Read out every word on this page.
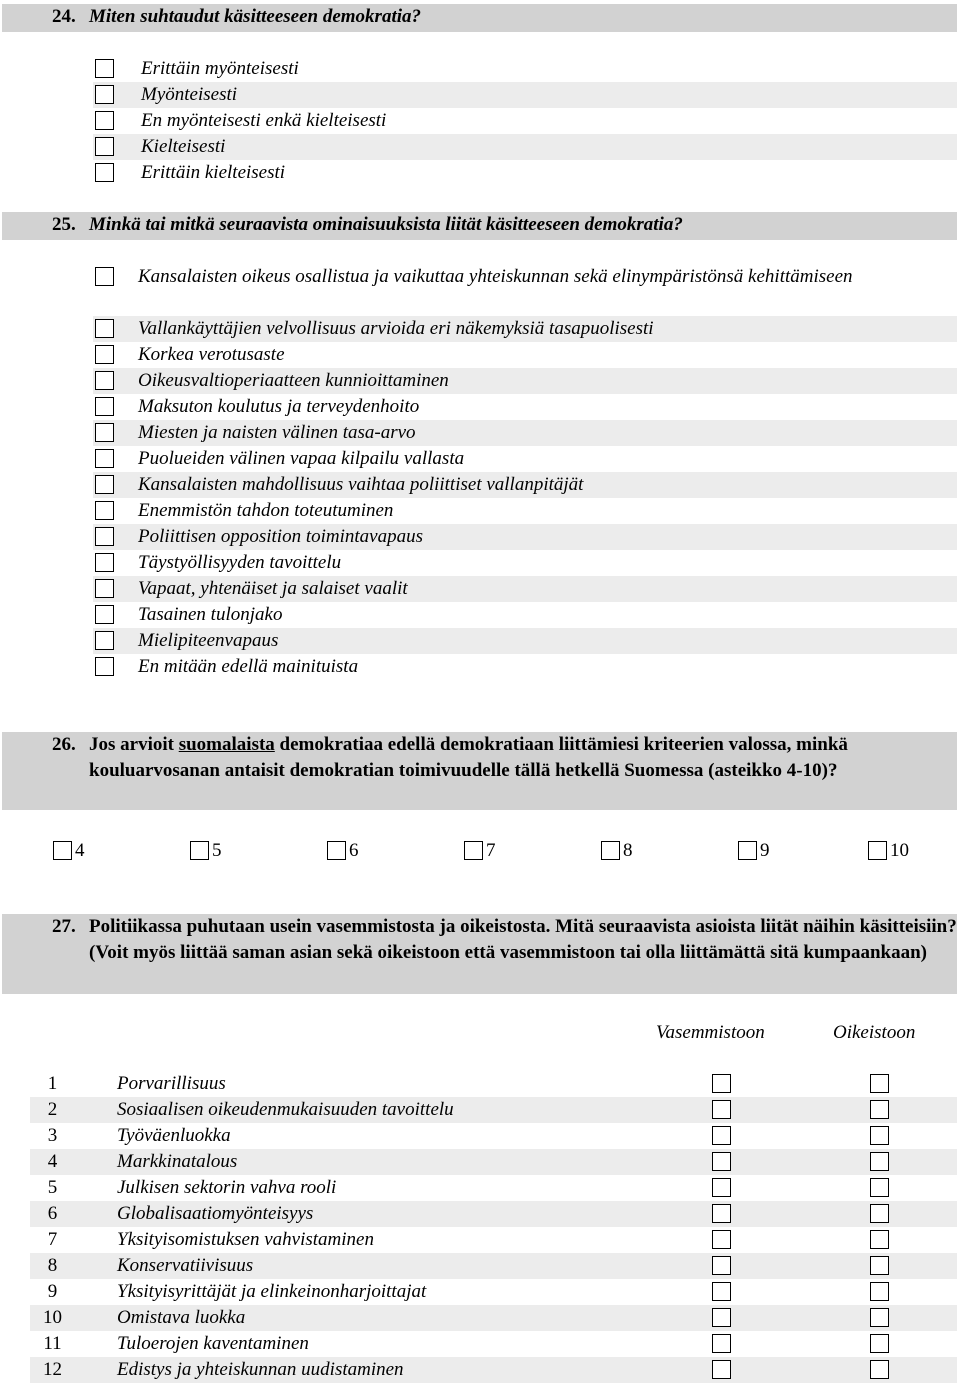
24. Miten suhtaudut käsitteeseen demokratia?
Erittäin myönteisesti
Myönteisesti
En myönteisesti enkä kielteisesti
Kielteisesti
Erittäin kielteisesti
25. Minkä tai mitkä seuraavista ominaisuuksista liität käsitteeseen demokratia?
Kansalaisten oikeus osallistua ja vaikuttaa yhteiskunnan sekä elinympäristönsä kehittämiseen
Vallankäyttäjien velvollisuus arvioida eri näkemyksiä tasapuolisesti
Korkea verotusaste
Oikeusvaltioperiaatteen kunnioittaminen
Maksuton koulutus ja terveydenhoito
Miesten ja naisten välinen tasa-arvo
Puolueiden välinen vapaa kilpailu vallasta
Kansalaisten mahdollisuus vaihtaa poliittiset vallanpitäjät
Enemmistön tahdon toteutuminen
Poliittisen opposition toimintavapaus
Täystyöllisyyden tavoittelu
Vapaat, yhtenäiset ja salaiset vaalit
Tasainen tulonjako
Mielipiteenvapaus
En mitään edellä mainituista
26. Jos arvioit suomalaista demokratiaa edellä demokratiaan liittämiesi kriteerien valossa, minkä kouluarvosanan antaisit demokratian toimivuudelle tällä hetkellä Suomessa (asteikko 4-10)?
4	5	6	7	8	9	10
27. Politiikassa puhutaan usein vasemmistosta ja oikeistosta. Mitä seuraavista asioista liität näihin käsitteisiin? (Voit myös liittää saman asian sekä oikeistoon että vasemmistoon tai olla liittämättä sitä kumpaankaan)
Vasemmistoon	Oikeistoon
1	Porvarillisuus
2	Sosiaalisen oikeudenmukaisuuden tavoittelu
3	Työväenluokka
4	Markkinatalous
5	Julkisen sektorin vahva rooli
6	Globalisaatiomyönteisyys
7	Yksityisomistuksen vahvistaminen
8	Konservatiivisuus
9	Yksityisyrittäjät ja elinkeinonharjoittajat
10	Omistava luokka
11	Tuloerojen kaventaminen
12	Edistys ja yhteiskunnan uudistaminen
